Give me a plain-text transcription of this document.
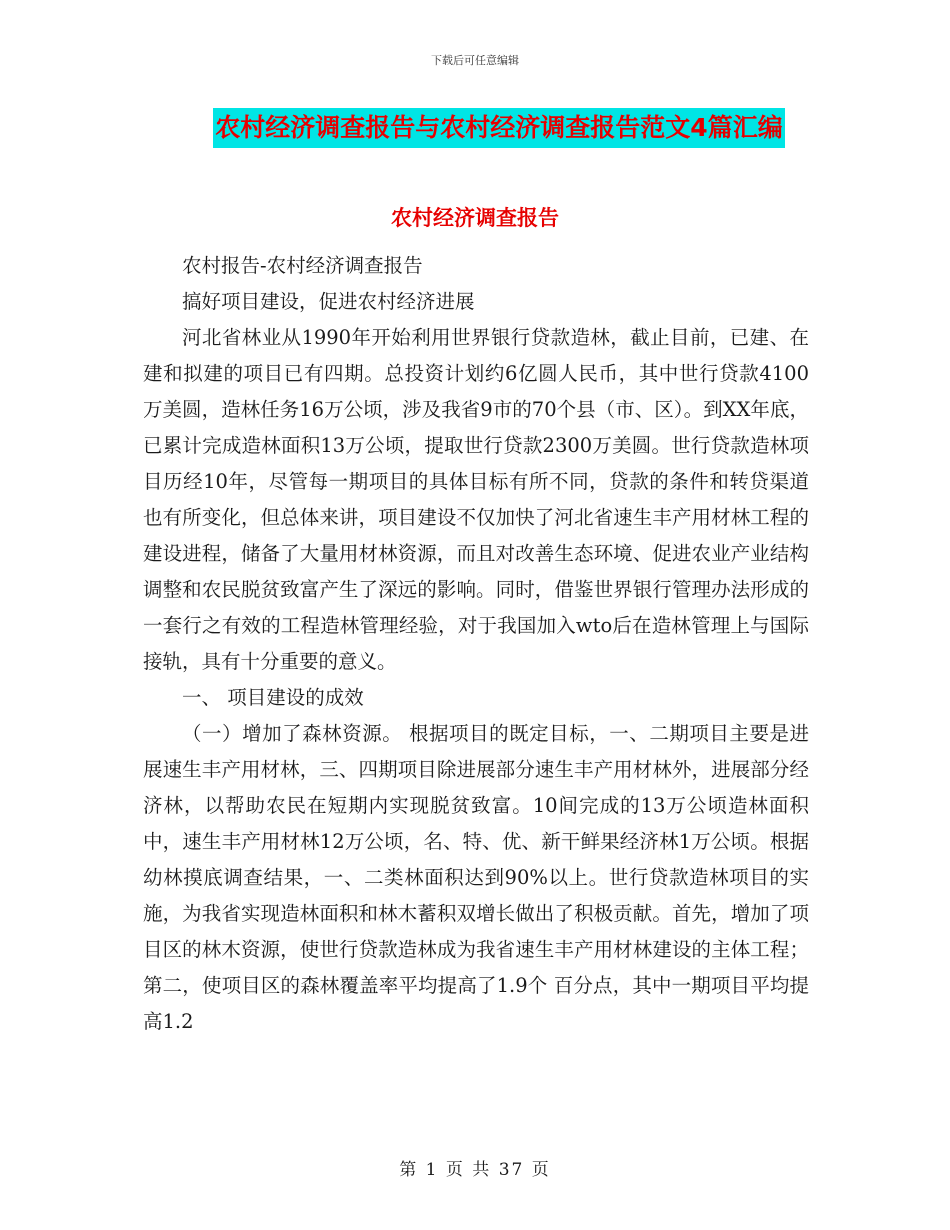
下载后可任意编辑
农村经济调查报告与农村经济调查报告范文4篇汇编
农村经济调查报告

农村报告-农村经济调查报告

搞好项目建设，促进农村经济进展

河北省林业从1990年开始利用世界银行贷款造林，截止目前，已建、在建和拟建的项目已有四期。总投资计划约6亿圆人民币，其中世行贷款4100万美圆，造林任务16万公顷，涉及我省9市的70个县（市、区）。到XX年底，已累计完成造林面积13万公顷，提取世行贷款2300万美圆。世行贷款造林项目历经10年，尽管每一期项目的具体目标有所不同，贷款的条件和转贷渠道也有所变化，但总体来讲，项目建设不仅加快了河北省速生丰产用材林工程的建设进程，储备了大量用材林资源，而且对改善生态环境、促进农业产业结构调整和农民脱贫致富产生了深远的影响。同时，借鉴世界银行管理办法形成的一套行之有效的工程造林管理经验，对于我国加入wto后在造林管理上与国际接轨，具有十分重要的意义。

一、 项目建设的成效

（一）增加了森林资源。 根据项目的既定目标，一、二期项目主要是进展速生丰产用材林，三、四期项目除进展部分速生丰产用材林外，进展部分经济林，以帮助农民在短期内实现脱贫致富。10间完成的13万公顷造林面积中，速生丰产用材林12万公顷，名、特、优、新干鲜果经济林1万公顷。根据幼林摸底调查结果，一、二类林面积达到90%以上。世行贷款造林项目的实施，为我省实现造林面积和林木蓄积双增长做出了积极贡献。首先，增加了项目区的林木资源，使世行贷款造林成为我省速生丰产用材林建设的主体工程；第二，使项目区的森林覆盖率平均提高了1.9个 百分点，其中一期项目平均提高1.2

第 1 页 共 37 页
